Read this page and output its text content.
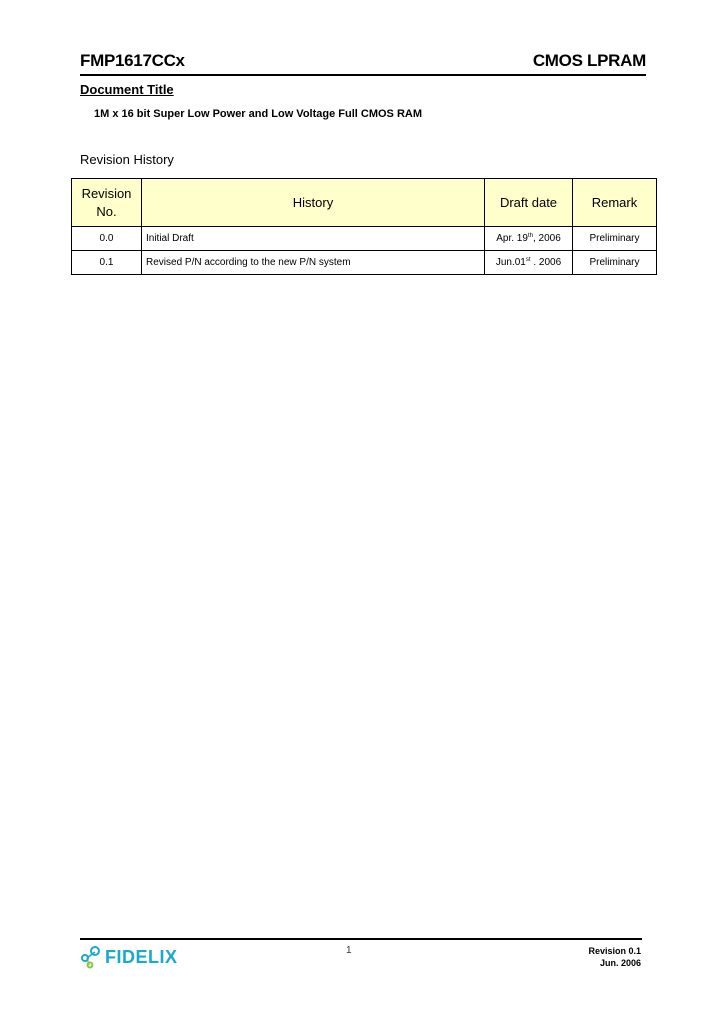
FMP1617CCx	CMOS LPRAM
Document Title
1M x 16 bit Super Low Power and Low Voltage Full CMOS RAM
Revision History
Revision No.	History	Draft date	Remark
0.0	Initial Draft	Apr. 19th, 2006	Preliminary
0.1	Revised P/N according to the new P/N system	Jun.01st . 2006	Preliminary
FIDELIX	1	Revision 0.1
Jun. 2006
